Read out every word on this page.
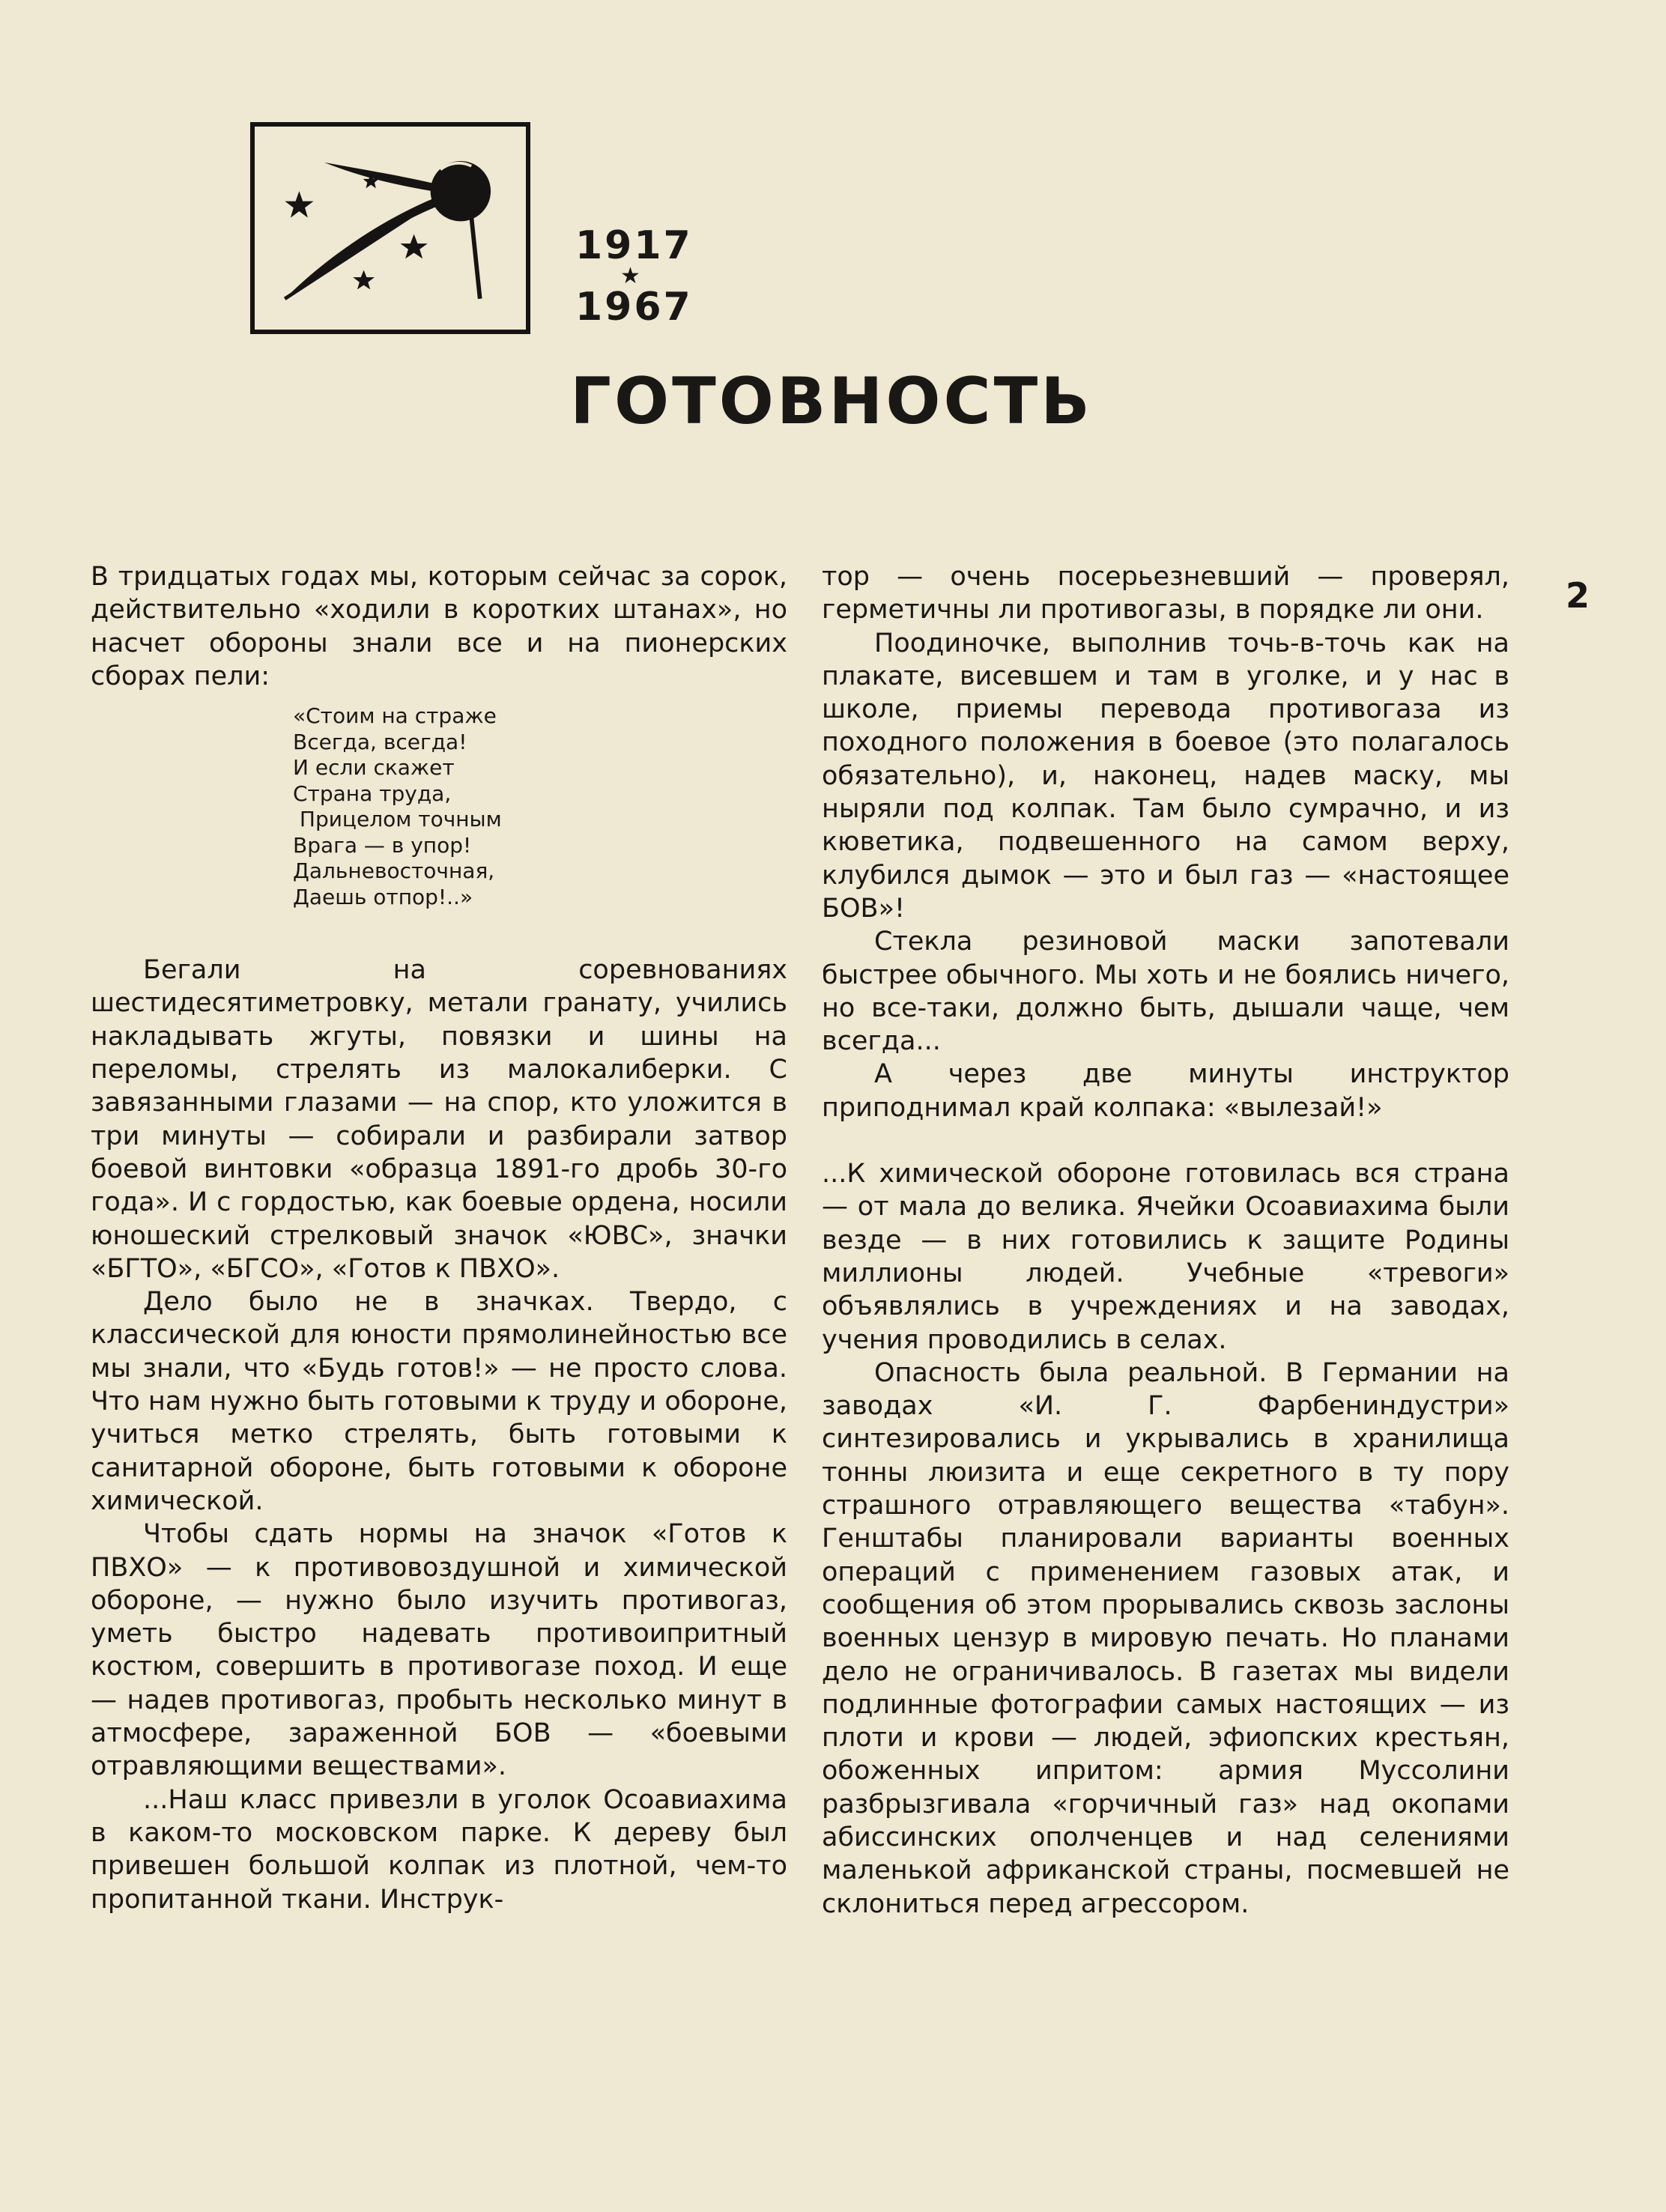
1917
★
1967
ГОТОВНОСТЬ
2

В тридцатых годах мы, которым сейчас за сорок, действительно «ходили в коротких штанах», но насчет обороны знали все и на пионерских сборах пели:

«Стоим на страже
Всегда, всегда!
И если скажет
Страна труда,
Прицелом точным
Врага — в упор!
Дальневосточная,
Даешь отпор!..»

Бегали на соревнованиях шестидесятиметровку, метали гранату, учились накладывать жгуты, повязки и шины на переломы, стрелять из малокалиберки. С завязанными глазами — на спор, кто уложится в три минуты — собирали и разбирали затвор боевой винтовки «образца 1891-го дробь 30-го года». И с гордостью, как боевые ордена, носили юношеский стрелковый значок «ЮВС», значки «БГТО», «БГСО», «Готов к ПВХО».

Дело было не в значках. Твердо, с классической для юности прямолинейностью все мы знали, что «Будь готов!» — не просто слова. Что нам нужно быть готовыми к труду и обороне, учиться метко стрелять, быть готовыми к санитарной обороне, быть готовыми к обороне химической.

Чтобы сдать нормы на значок «Готов к ПВХО» — к противовоздушной и химической обороне, — нужно было изучить противогаз, уметь быстро надевать противоипритный костюм, совершить в противогазе поход. И еще — надев противогаз, пробыть несколько минут в атмосфере, зараженной БОВ — «боевыми отравляющими веществами».

...Наш класс привезли в уголок Осоавиахима в каком-то московском парке. К дереву был привешен большой колпак из плотной, чем-то пропитанной ткани. Инструк-

тор — очень посерьезневший — проверял, герметичны ли противогазы, в порядке ли они.

Поодиночке, выполнив точь-в-точь как на плакате, висевшем и там в уголке, и у нас в школе, приемы перевода противогаза из походного положения в боевое (это полагалось обязательно), и, наконец, надев маску, мы ныряли под колпак. Там было сумрачно, и из кюветика, подвешенного на самом верху, клубился дымок — это и был газ — «настоящее БОВ»!

Стекла резиновой маски запотевали быстрее обычного. Мы хоть и не боялись ничего, но все-таки, должно быть, дышали чаще, чем всегда...

А через две минуты инструктор приподнимал край колпака: «вылезай!»

...К химической обороне готовилась вся страна — от мала до велика. Ячейки Осоавиахима были везде — в них готовились к защите Родины миллионы людей. Учебные «тревоги» объявлялись в учреждениях и на заводах, учения проводились в селах.

Опасность была реальной. В Германии на заводах «И. Г. Фарбениндустри» синтезировались и укрывались в хранилища тонны люизита и еще секретного в ту пору страшного отравляющего вещества «табун». Генштабы планировали варианты военных операций с применением газовых атак, и сообщения об этом прорывались сквозь заслоны военных цензур в мировую печать. Но планами дело не ограничивалось. В газетах мы видели подлинные фотографии самых настоящих — из плоти и крови — людей, эфиопских крестьян, обоженных ипритом: армия Муссолини разбрызгивала «горчичный газ» над окопами абиссинских ополченцев и над селениями маленькой африканской страны, посмевшей не склониться перед агрессором.
